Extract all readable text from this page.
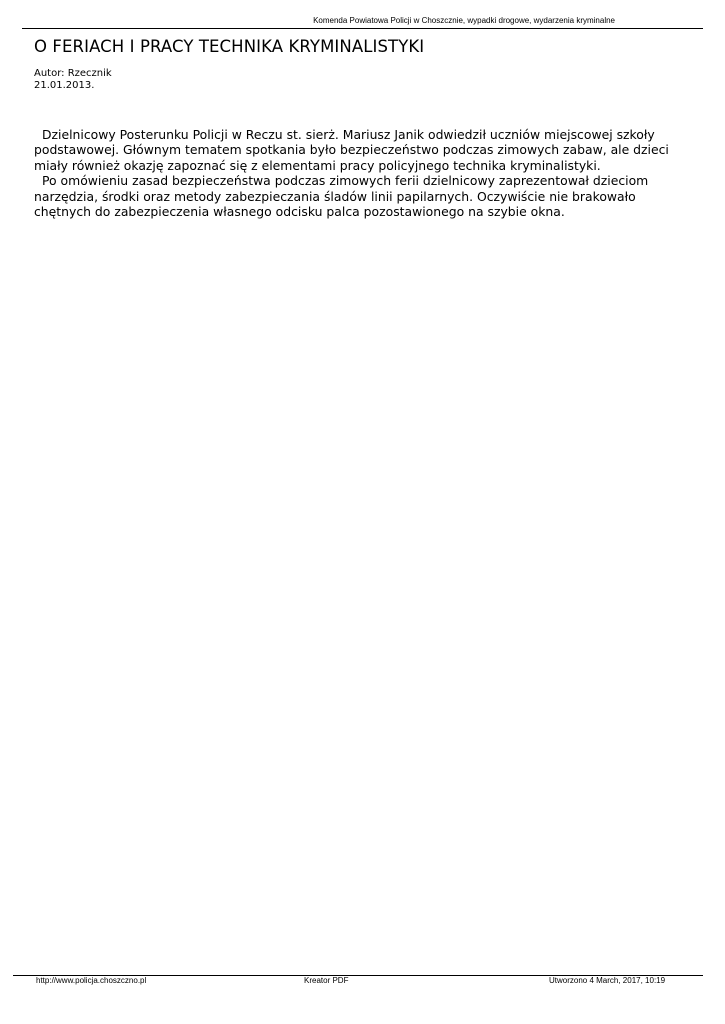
Komenda Powiatowa Policji w Choszcznie, wypadki drogowe, wydarzenia kryminalne
O FERIACH I PRACY TECHNIKA KRYMINALISTYKI
Autor: Rzecznik
21.01.2013.

Dzielnicowy Posterunku Policji w Reczu st. sierż. Mariusz Janik odwiedził uczniów miejscowej szkoły podstawowej. Głównym tematem spotkania było bezpieczeństwo podczas zimowych zabaw, ale dzieci miały również okazję zapoznać się z elementami pracy policyjnego technika kryminalistyki.

Po omówieniu zasad bezpieczeństwa podczas zimowych ferii dzielnicowy zaprezentował dzieciom narzędzia, środki oraz metody zabezpieczania śladów linii papilarnych. Oczywiście nie brakowało chętnych do zabezpieczenia własnego odcisku palca pozostawionego na szybie okna.

http://www.policja.choszczno.pl	Kreator PDF	Utworzono 4 March, 2017, 10:19
